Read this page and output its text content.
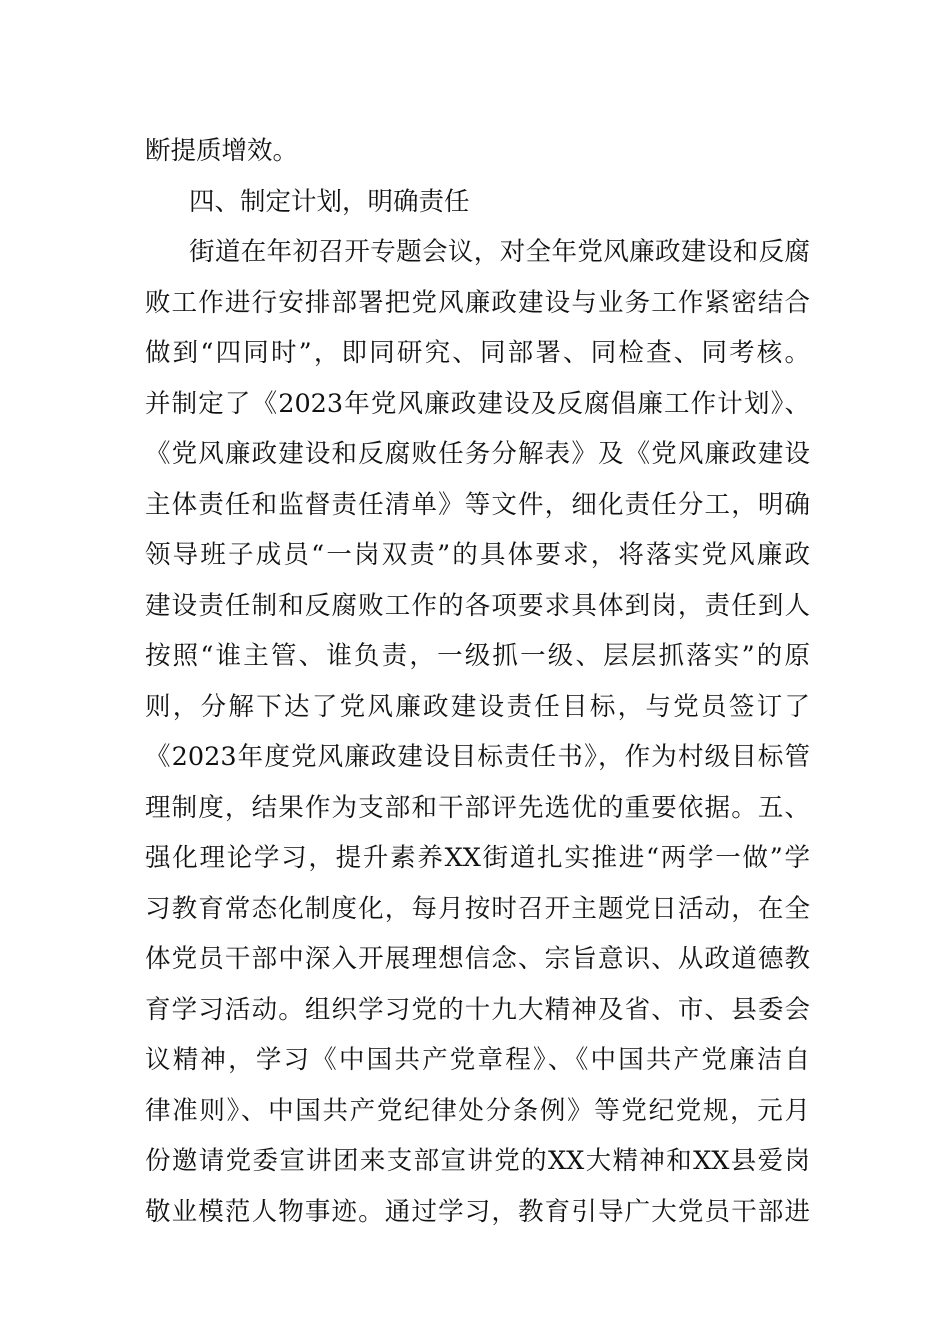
断提质增效。
四、制定计划，明确责任
街道在年初召开专题会议，对全年党风廉政建设和反腐
败工作进行安排部署把党风廉政建设与业务工作紧密结合
做到“四同时”，即同研究、同部署、同检查、同考核。
并制定了《2023年党风廉政建设及反腐倡廉工作计划》、
《党风廉政建设和反腐败任务分解表》及《党风廉政建设
主体责任和监督责任清单》等文件，细化责任分工，明确
领导班子成员“一岗双责”的具体要求，将落实党风廉政
建设责任制和反腐败工作的各项要求具体到岗，责任到人
按照“谁主管、谁负责，一级抓一级、层层抓落实”的原
则，分解下达了党风廉政建设责任目标，与党员签订了
《2023年度党风廉政建设目标责任书》，作为村级目标管
理制度，结果作为支部和干部评先选优的重要依据。五、
强化理论学习，提升素养XX街道扎实推进“两学一做”学
习教育常态化制度化，每月按时召开主题党日活动，在全
体党员干部中深入开展理想信念、宗旨意识、从政道德教
育学习活动。组织学习党的十九大精神及省、市、县委会
议精神，学习《中国共产党章程》、《中国共产党廉洁自
律准则》、中国共产党纪律处分条例》等党纪党规，元月
份邀请党委宣讲团来支部宣讲党的XX大精神和XX县爱岗
敬业模范人物事迹。通过学习，教育引导广大党员干部进
